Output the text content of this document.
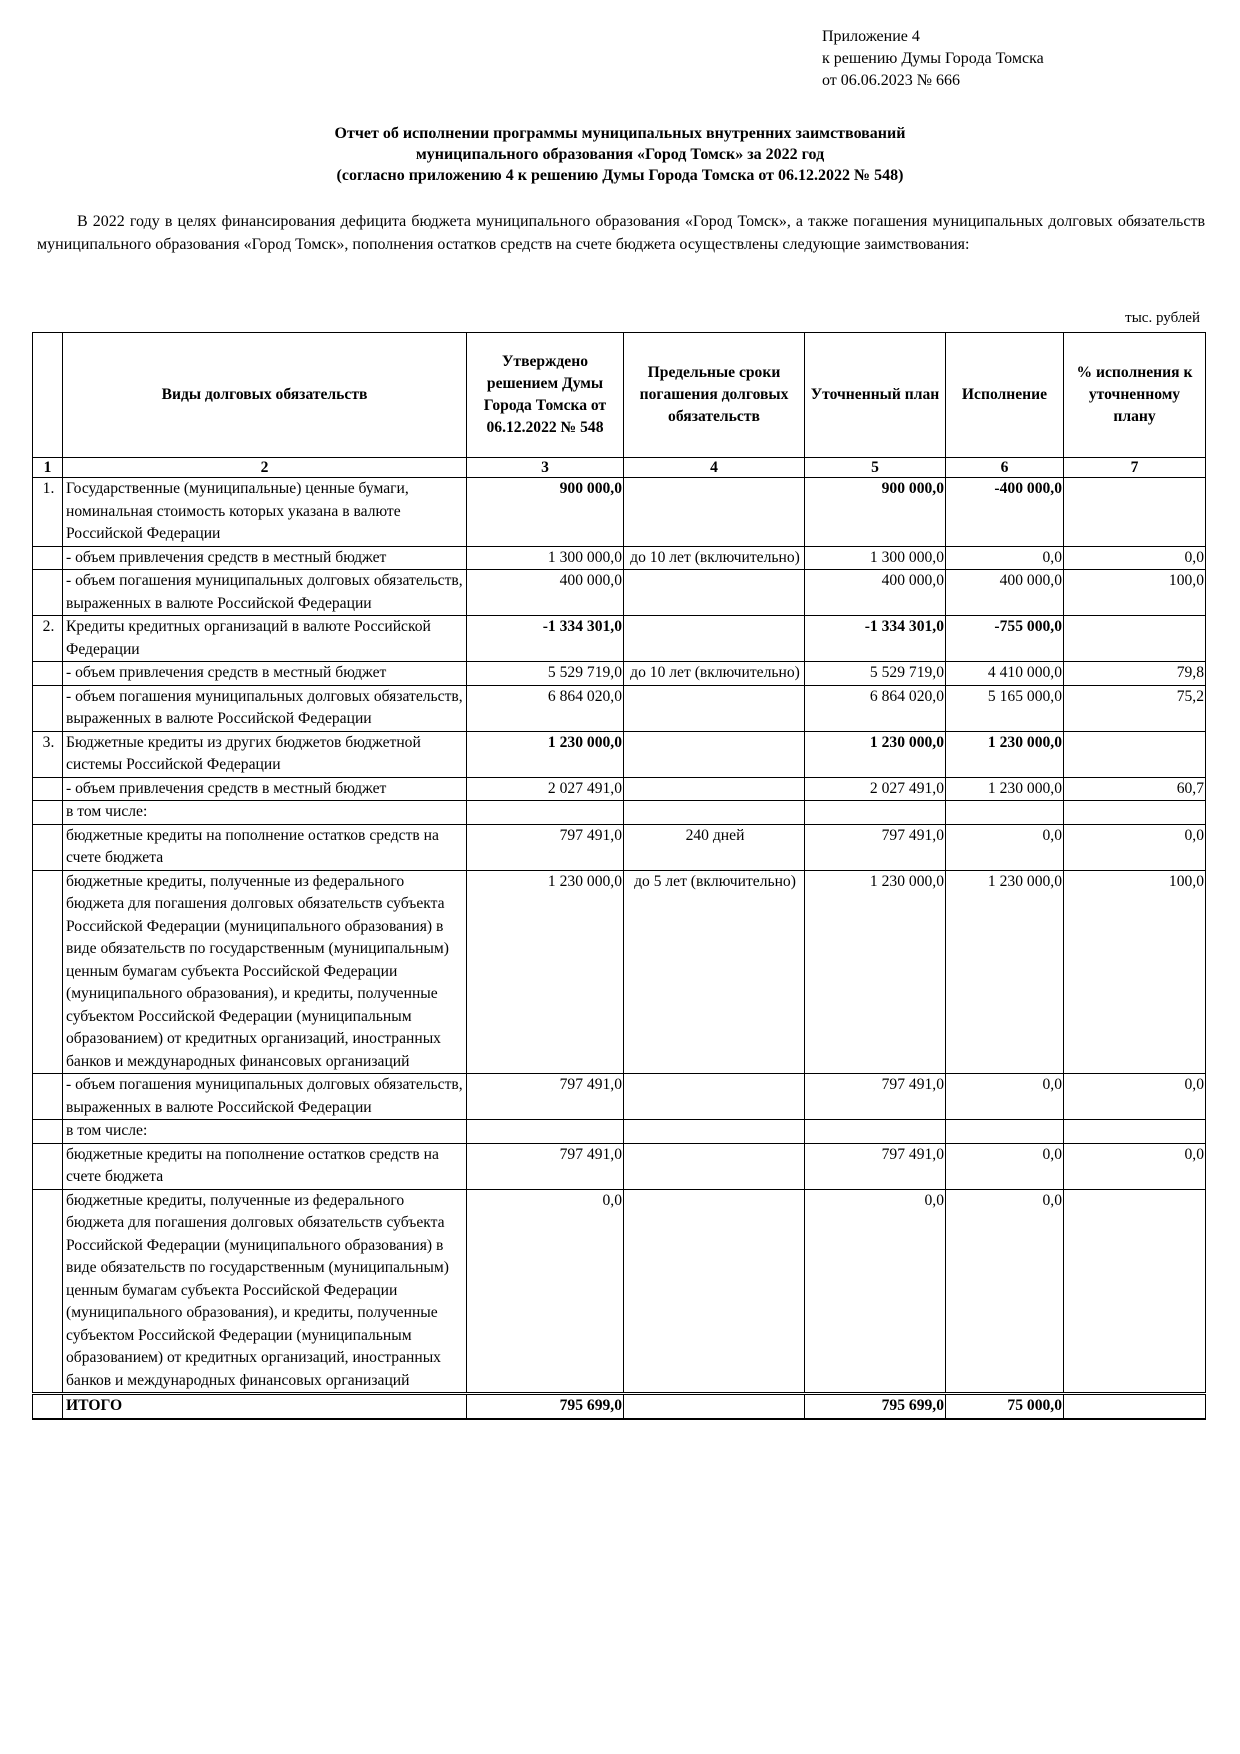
Приложение 4
к решению Думы Города Томска
от 06.06.2023 № 666
Отчет об исполнении программы муниципальных внутренних заимствований
муниципального образования «Город Томск» за 2022 год
(согласно приложению 4 к решению Думы Города Томска от 06.12.2022 № 548)
В 2022 году в целях финансирования дефицита бюджета муниципального образования «Город Томск», а также погашения муниципальных долговых обязательств муниципального образования «Город Томск», пополнения остатков средств на счете бюджета осуществлены следующие заимствования:
тыс. рублей
	Виды долговых обязательств	Утверждено решением Думы Города Томска от 06.12.2022 № 548	Предельные сроки погашения долговых обязательств	Уточненный план	Исполнение	% исполнения к уточненному плану
1	2	3	4	5	6	7
1.	Государственные (муниципальные) ценные бумаги, номинальная стоимость которых указана в валюте Российской Федерации	900 000,0		900 000,0	-400 000,0	
	- объем привлечения средств в местный бюджет	1 300 000,0	до 10 лет (включительно)	1 300 000,0	0,0	0,0
	- объем погашения муниципальных долговых обязательств, выраженных в валюте Российской Федерации	400 000,0		400 000,0	400 000,0	100,0
2.	Кредиты кредитных организаций в валюте Российской Федерации	-1 334 301,0		-1 334 301,0	-755 000,0	
	- объем привлечения средств в местный бюджет	5 529 719,0	до 10 лет (включительно)	5 529 719,0	4 410 000,0	79,8
	- объем погашения муниципальных долговых обязательств, выраженных в валюте Российской Федерации	6 864 020,0		6 864 020,0	5 165 000,0	75,2
3.	Бюджетные кредиты из других бюджетов бюджетной системы Российской Федерации	1 230 000,0		1 230 000,0	1 230 000,0	
	- объем привлечения средств в местный бюджет	2 027 491,0		2 027 491,0	1 230 000,0	60,7
	в том числе:					
	бюджетные кредиты на пополнение остатков средств на счете бюджета	797 491,0	240 дней	797 491,0	0,0	0,0

	бюджетные кредиты, полученные из федерального бюджета для погашения долговых обязательств субъекта Российской Федерации (муниципального образования) в виде обязательств по государственным (муниципальным) ценным бумагам субъекта Российской Федерации (муниципального образования), и кредиты, полученные субъектом Российской Федерации (муниципальным образованием) от кредитных организаций, иностранных банков и международных финансовых организаций	1 230 000,0	до 5 лет (включительно)	1 230 000,0	1 230 000,0	100,0
	- объем погашения муниципальных долговых обязательств, выраженных в валюте Российской Федерации	797 491,0		797 491,0	0,0	0,0
	в том числе:					
	бюджетные кредиты на пополнение остатков средств на счете бюджета	797 491,0		797 491,0	0,0	0,0
	бюджетные кредиты, полученные из федерального бюджета для погашения долговых обязательств субъекта Российской Федерации (муниципального образования) в виде обязательств по государственным (муниципальным) ценным бумагам субъекта Российской Федерации (муниципального образования), и кредиты, полученные субъектом Российской Федерации (муниципальным образованием) от кредитных организаций, иностранных банков и международных финансовых организаций	0,0		0,0	0,0	
	ИТОГО	795 699,0		795 699,0	75 000,0	
